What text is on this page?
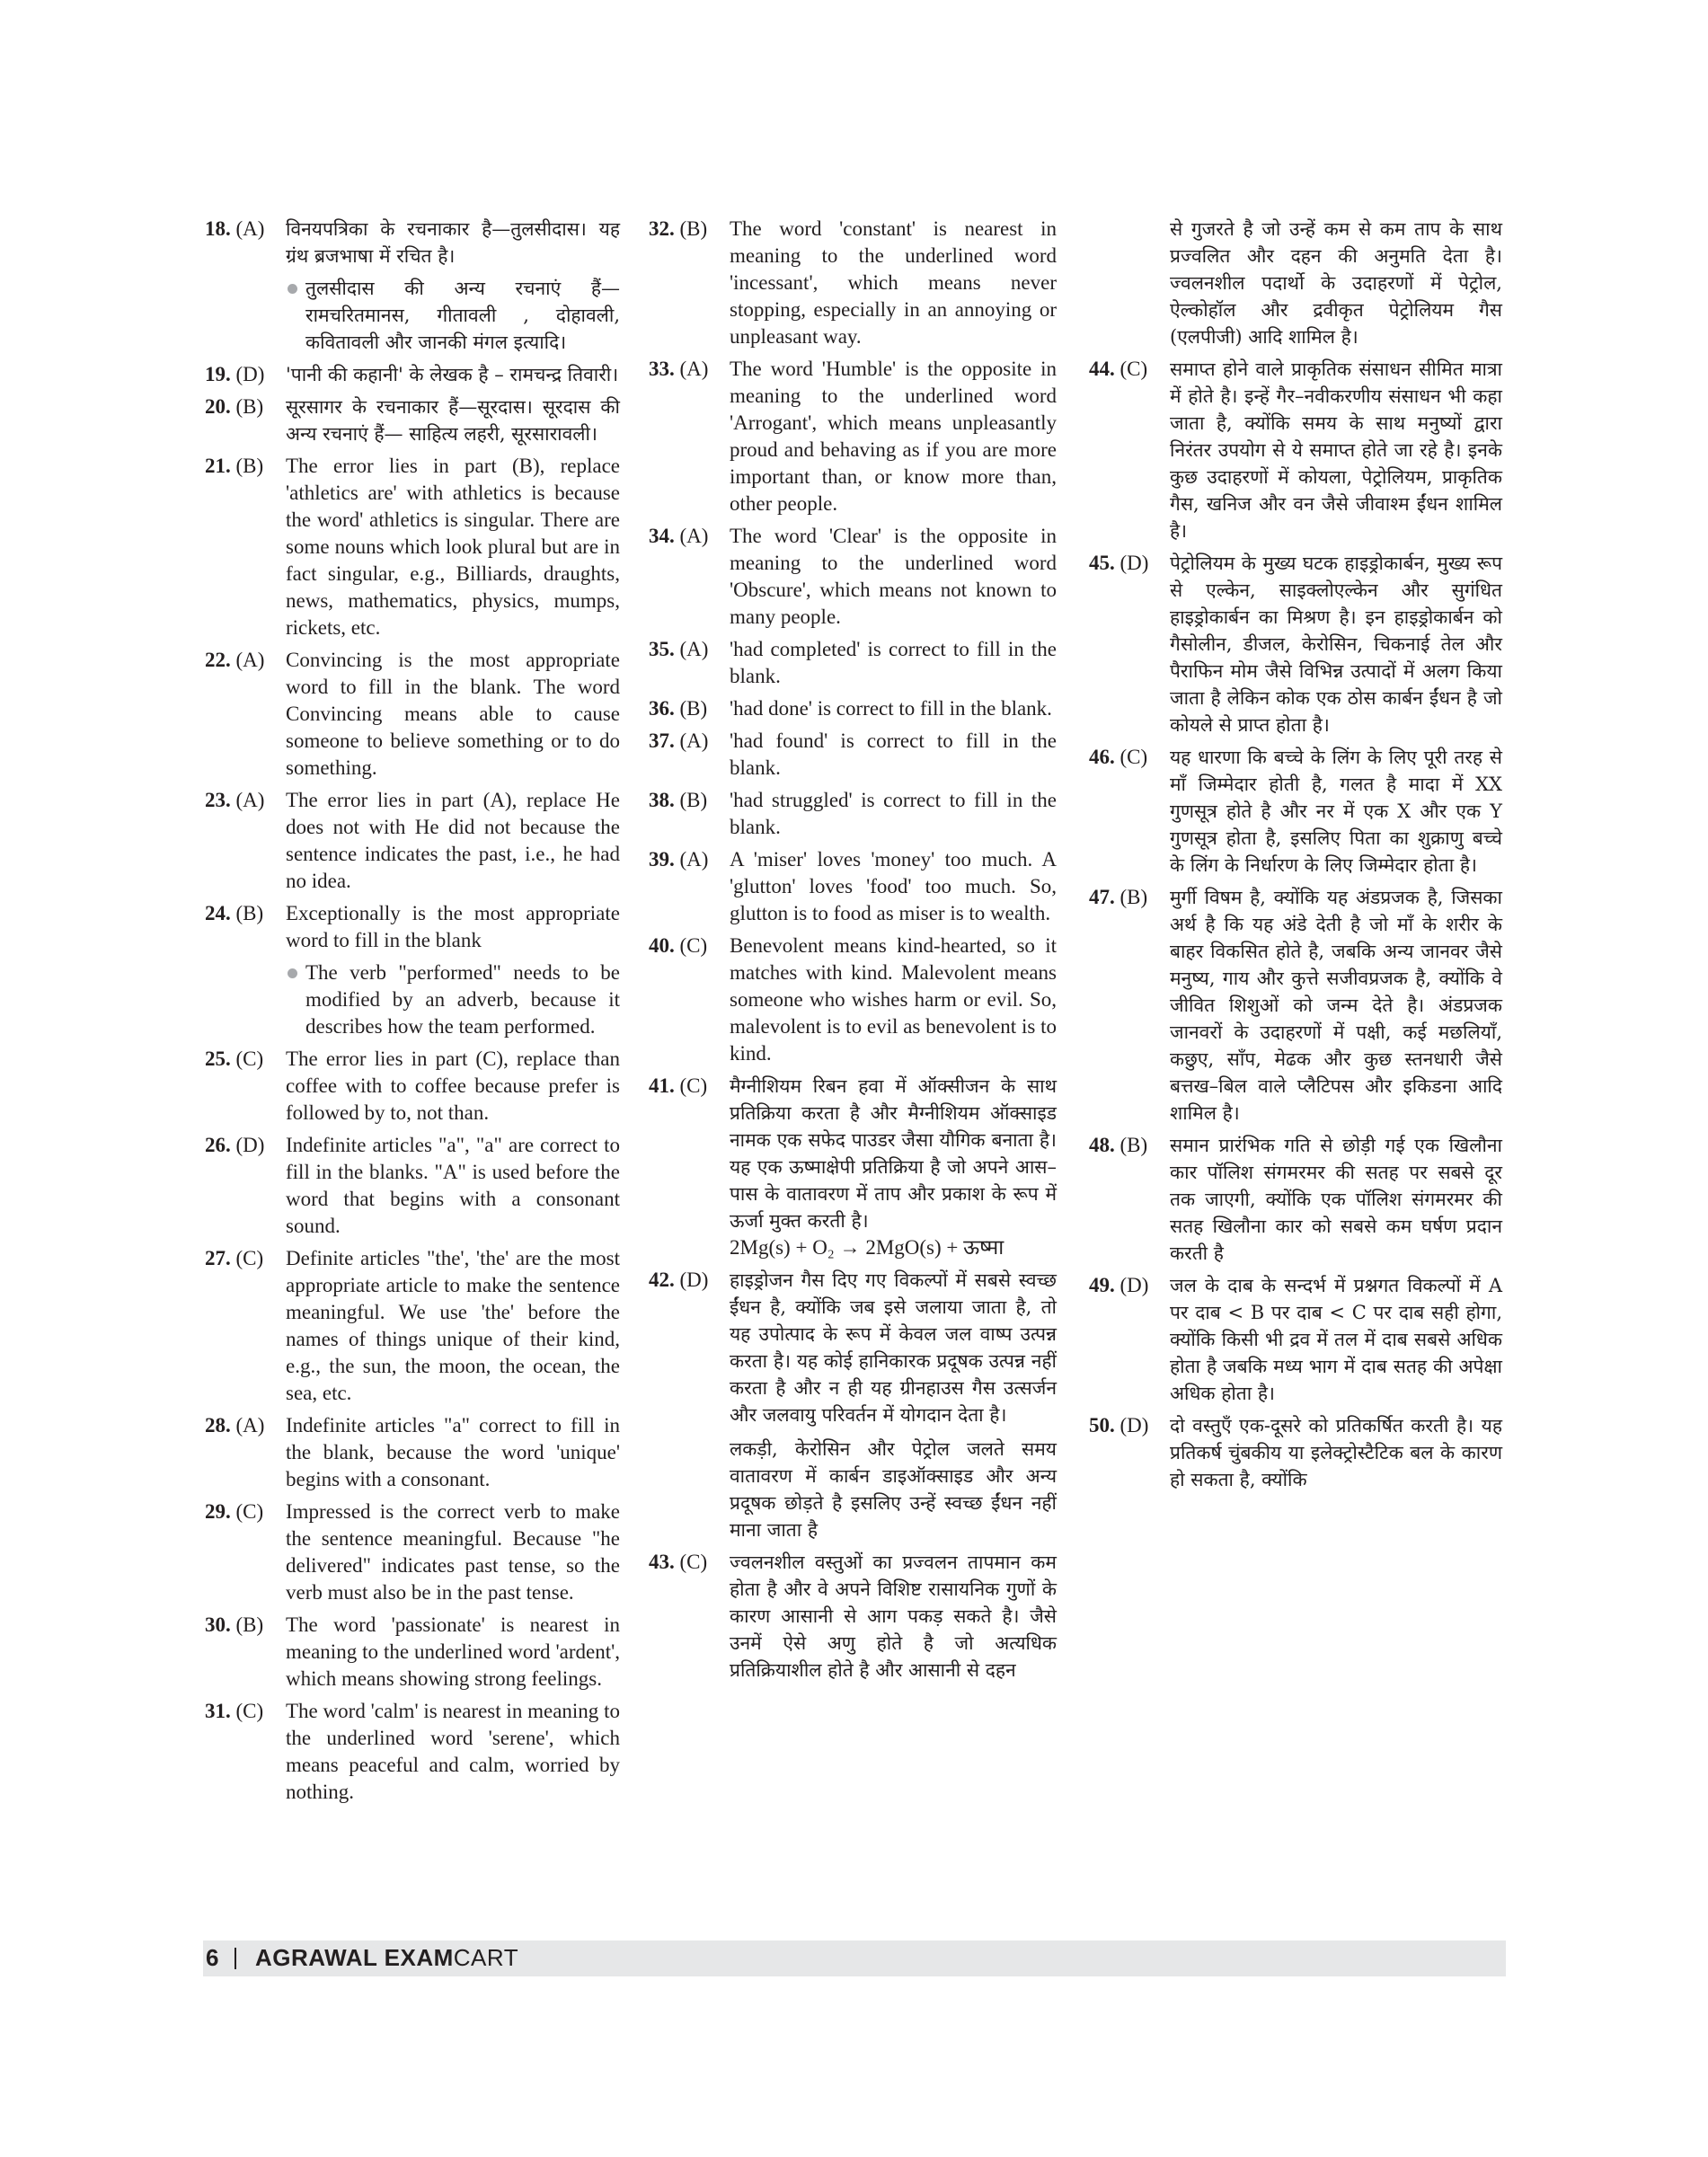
18. (A) विनयपत्रिका के रचनाकार है—तुलसीदास। यह ग्रंथ ब्रजभाषा में रचित है।

तुलसीदास की अन्य रचनाएं हैं— रामचरितमानस, गीतावली , दोहावली, कवितावली और जानकी मंगल इत्यादि।

19. (D) 'पानी की कहानी' के लेखक है – रामचन्द्र तिवारी।

20. (B) सूरसागर के रचनाकार हैं—सूरदास। सूरदास की अन्य रचनाएं हैं— साहित्य लहरी, सूरसारावली।

21. (B) The error lies in part (B), replace 'athletics are' with athletics is because the word' athletics is singular. There are some nouns which look plural but are in fact singular, e.g., Billiards, draughts, news, mathematics, physics, mumps, rickets, etc.

22. (A) Convincing is the most appropriate word to fill in the blank. The word Convincing means able to cause someone to believe something or to do something.

23. (A) The error lies in part (A), replace He does not with He did not because the sentence indicates the past, i.e., he had no idea.

24. (B) Exceptionally is the most appropriate word to fill in the blank

The verb "performed" needs to be modified by an adverb, because it describes how the team performed.

25. (C) The error lies in part (C), replace than coffee with to coffee because prefer is followed by to, not than.

26. (D) Indefinite articles "a", "a" are correct to fill in the blanks. "A" is used before the word that begins with a consonant sound.

27. (C) Definite articles "the', 'the' are the most appropriate article to make the sentence meaningful. We use 'the' before the names of things unique of their kind, e.g., the sun, the moon, the ocean, the sea, etc.

28. (A) Indefinite articles "a" correct to fill in the blank, because the word 'unique' begins with a consonant.

29. (C) Impressed is the correct verb to make the sentence meaningful. Because "he delivered" indicates past tense, so the verb must also be in the past tense.

30. (B) The word 'passionate' is nearest in meaning to the underlined word 'ardent', which means showing strong feelings.

31. (C) The word 'calm' is nearest in meaning to the underlined word 'serene', which means peaceful and calm, worried by nothing.

32. (B) The word 'constant' is nearest in meaning to the underlined word 'incessant', which means never stopping, especially in an annoying or unpleasant way.

33. (A) The word 'Humble' is the opposite in meaning to the underlined word 'Arrogant', which means unpleasantly proud and behaving as if you are more important than, or know more than, other people.

34. (A) The word 'Clear' is the opposite in meaning to the underlined word 'Obscure', which means not known to many people.

35. (A) 'had completed' is correct to fill in the blank.

36. (B) 'had done' is correct to fill in the blank.

37. (A) 'had found' is correct to fill in the blank.

38. (B) 'had struggled' is correct to fill in the blank.

39. (A) A 'miser' loves 'money' too much. A 'glutton' loves 'food' too much. So, glutton is to food as miser is to wealth.

40. (C) Benevolent means kind-hearted, so it matches with kind. Malevolent means someone who wishes harm or evil. So, malevolent is to evil as benevolent is to kind.

41. (C) मैग्नीशियम रिबन हवा में ऑक्सीजन के साथ प्रतिक्रिया करता है और मैग्नीशियम ऑक्साइड नामक एक सफेद पाउडर जैसा यौगिक बनाता है। यह एक ऊष्माक्षेपी प्रतिक्रिया है जो अपने आस–पास के वातावरण में ताप और प्रकाश के रूप में ऊर्जा मुक्त करती है।

2Mg(s) + O₂ → 2MgO(s) + ऊष्मा

42. (D) हाइड्रोजन गैस दिए गए विकल्पों में सबसे स्वच्छ ईंधन है, क्योंकि जब इसे जलाया जाता है, तो यह उपोत्पाद के रूप में केवल जल वाष्प उत्पन्न करता है। यह कोई हानिकारक प्रदूषक उत्पन्न नहीं करता है और न ही यह ग्रीनहाउस गैस उत्सर्जन और जलवायु परिवर्तन में योगदान देता है।

लकड़ी, केरोसिन और पेट्रोल जलते समय वातावरण में कार्बन डाइऑक्साइड और अन्य प्रदूषक छोड़ते है इसलिए उन्हें स्वच्छ ईंधन नहीं माना जाता है

43. (C) ज्वलनशील वस्तुओं का प्रज्वलन तापमान कम होता है और वे अपने विशिष्ट रासायनिक गुणों के कारण आसानी से आग पकड़ सकते है। जैसे उनमें ऐसे अणु होते है जो अत्यधिक प्रतिक्रियाशील होते है और आसानी से दहन

से गुजरते है जो उन्हें कम से कम ताप के साथ प्रज्वलित और दहन की अनुमति देता है। ज्वलनशील पदार्थो के उदाहरणों में पेट्रोल, ऐल्कोहॉल और द्रवीकृत पेट्रोलियम गैस (एलपीजी) आदि शामिल है।

44. (C) समाप्त होने वाले प्राकृतिक संसाधन सीमित मात्रा में होते है। इन्हें गैर–नवीकरणीय संसाधन भी कहा जाता है, क्योंकि समय के साथ मनुष्यों द्वारा निरंतर उपयोग से ये समाप्त होते जा रहे है। इनके कुछ उदाहरणों में कोयला, पेट्रोलियम, प्राकृतिक गैस, खनिज और वन जैसे जीवाश्म ईंधन शामिल है।

45. (D) पेट्रोलियम के मुख्य घटक हाइड्रोकार्बन, मुख्य रूप से एल्केन, साइक्लोएल्केन और सुगंधित हाइड्रोकार्बन का मिश्रण है। इन हाइड्रोकार्बन को गैसोलीन, डीजल, केरोसिन, चिकनाई तेल और पैराफिन मोम जैसे विभिन्न उत्पादों में अलग किया जाता है लेकिन कोक एक ठोस कार्बन ईंधन है जो कोयले से प्राप्त होता है।

46. (C) यह धारणा कि बच्चे के लिंग के लिए पूरी तरह से माँ जिम्मेदार होती है, गलत है मादा में XX गुणसूत्र होते है और नर में एक X और एक Y गुणसूत्र होता है, इसलिए पिता का शुक्राणु बच्चे के लिंग के निर्धारण के लिए जिम्मेदार होता है।

47. (B) मुर्गी विषम है, क्योंकि यह अंडप्रजक है, जिसका अर्थ है कि यह अंडे देती है जो माँ के शरीर के बाहर विकसित होते है, जबकि अन्य जानवर जैसे मनुष्य, गाय और कुत्ते सजीवप्रजक है, क्योंकि वे जीवित शिशुओं को जन्म देते है। अंडप्रजक जानवरों के उदाहरणों में पक्षी, कई मछलियाँ, कछुए, साँप, मेढक और कुछ स्तनधारी जैसे बत्तख–बिल वाले प्लैटिपस और इकिडना आदि शामिल है।

48. (B) समान प्रारंभिक गति से छोड़ी गई एक खिलौना कार पॉलिश संगमरमर की सतह पर सबसे दूर तक जाएगी, क्योंकि एक पॉलिश संगमरमर की सतह खिलौना कार को सबसे कम घर्षण प्रदान करती है

49. (D) जल के दाब के सन्दर्भ में प्रश्नगत विकल्पों में A पर दाब < B पर दाब < C पर दाब सही होगा, क्योंकि किसी भी द्रव में तल में दाब सबसे अधिक होता है जबकि मध्य भाग में दाब सतह की अपेक्षा अधिक होता है।

50. (D) दो वस्तुएँ एक-दूसरे को प्रतिकर्षित करती है। यह प्रतिकर्ष चुंबकीय या इलेक्ट्रोस्टैटिक बल के कारण हो सकता है, क्योंकि

6 AGRAWAL EXAMCART
